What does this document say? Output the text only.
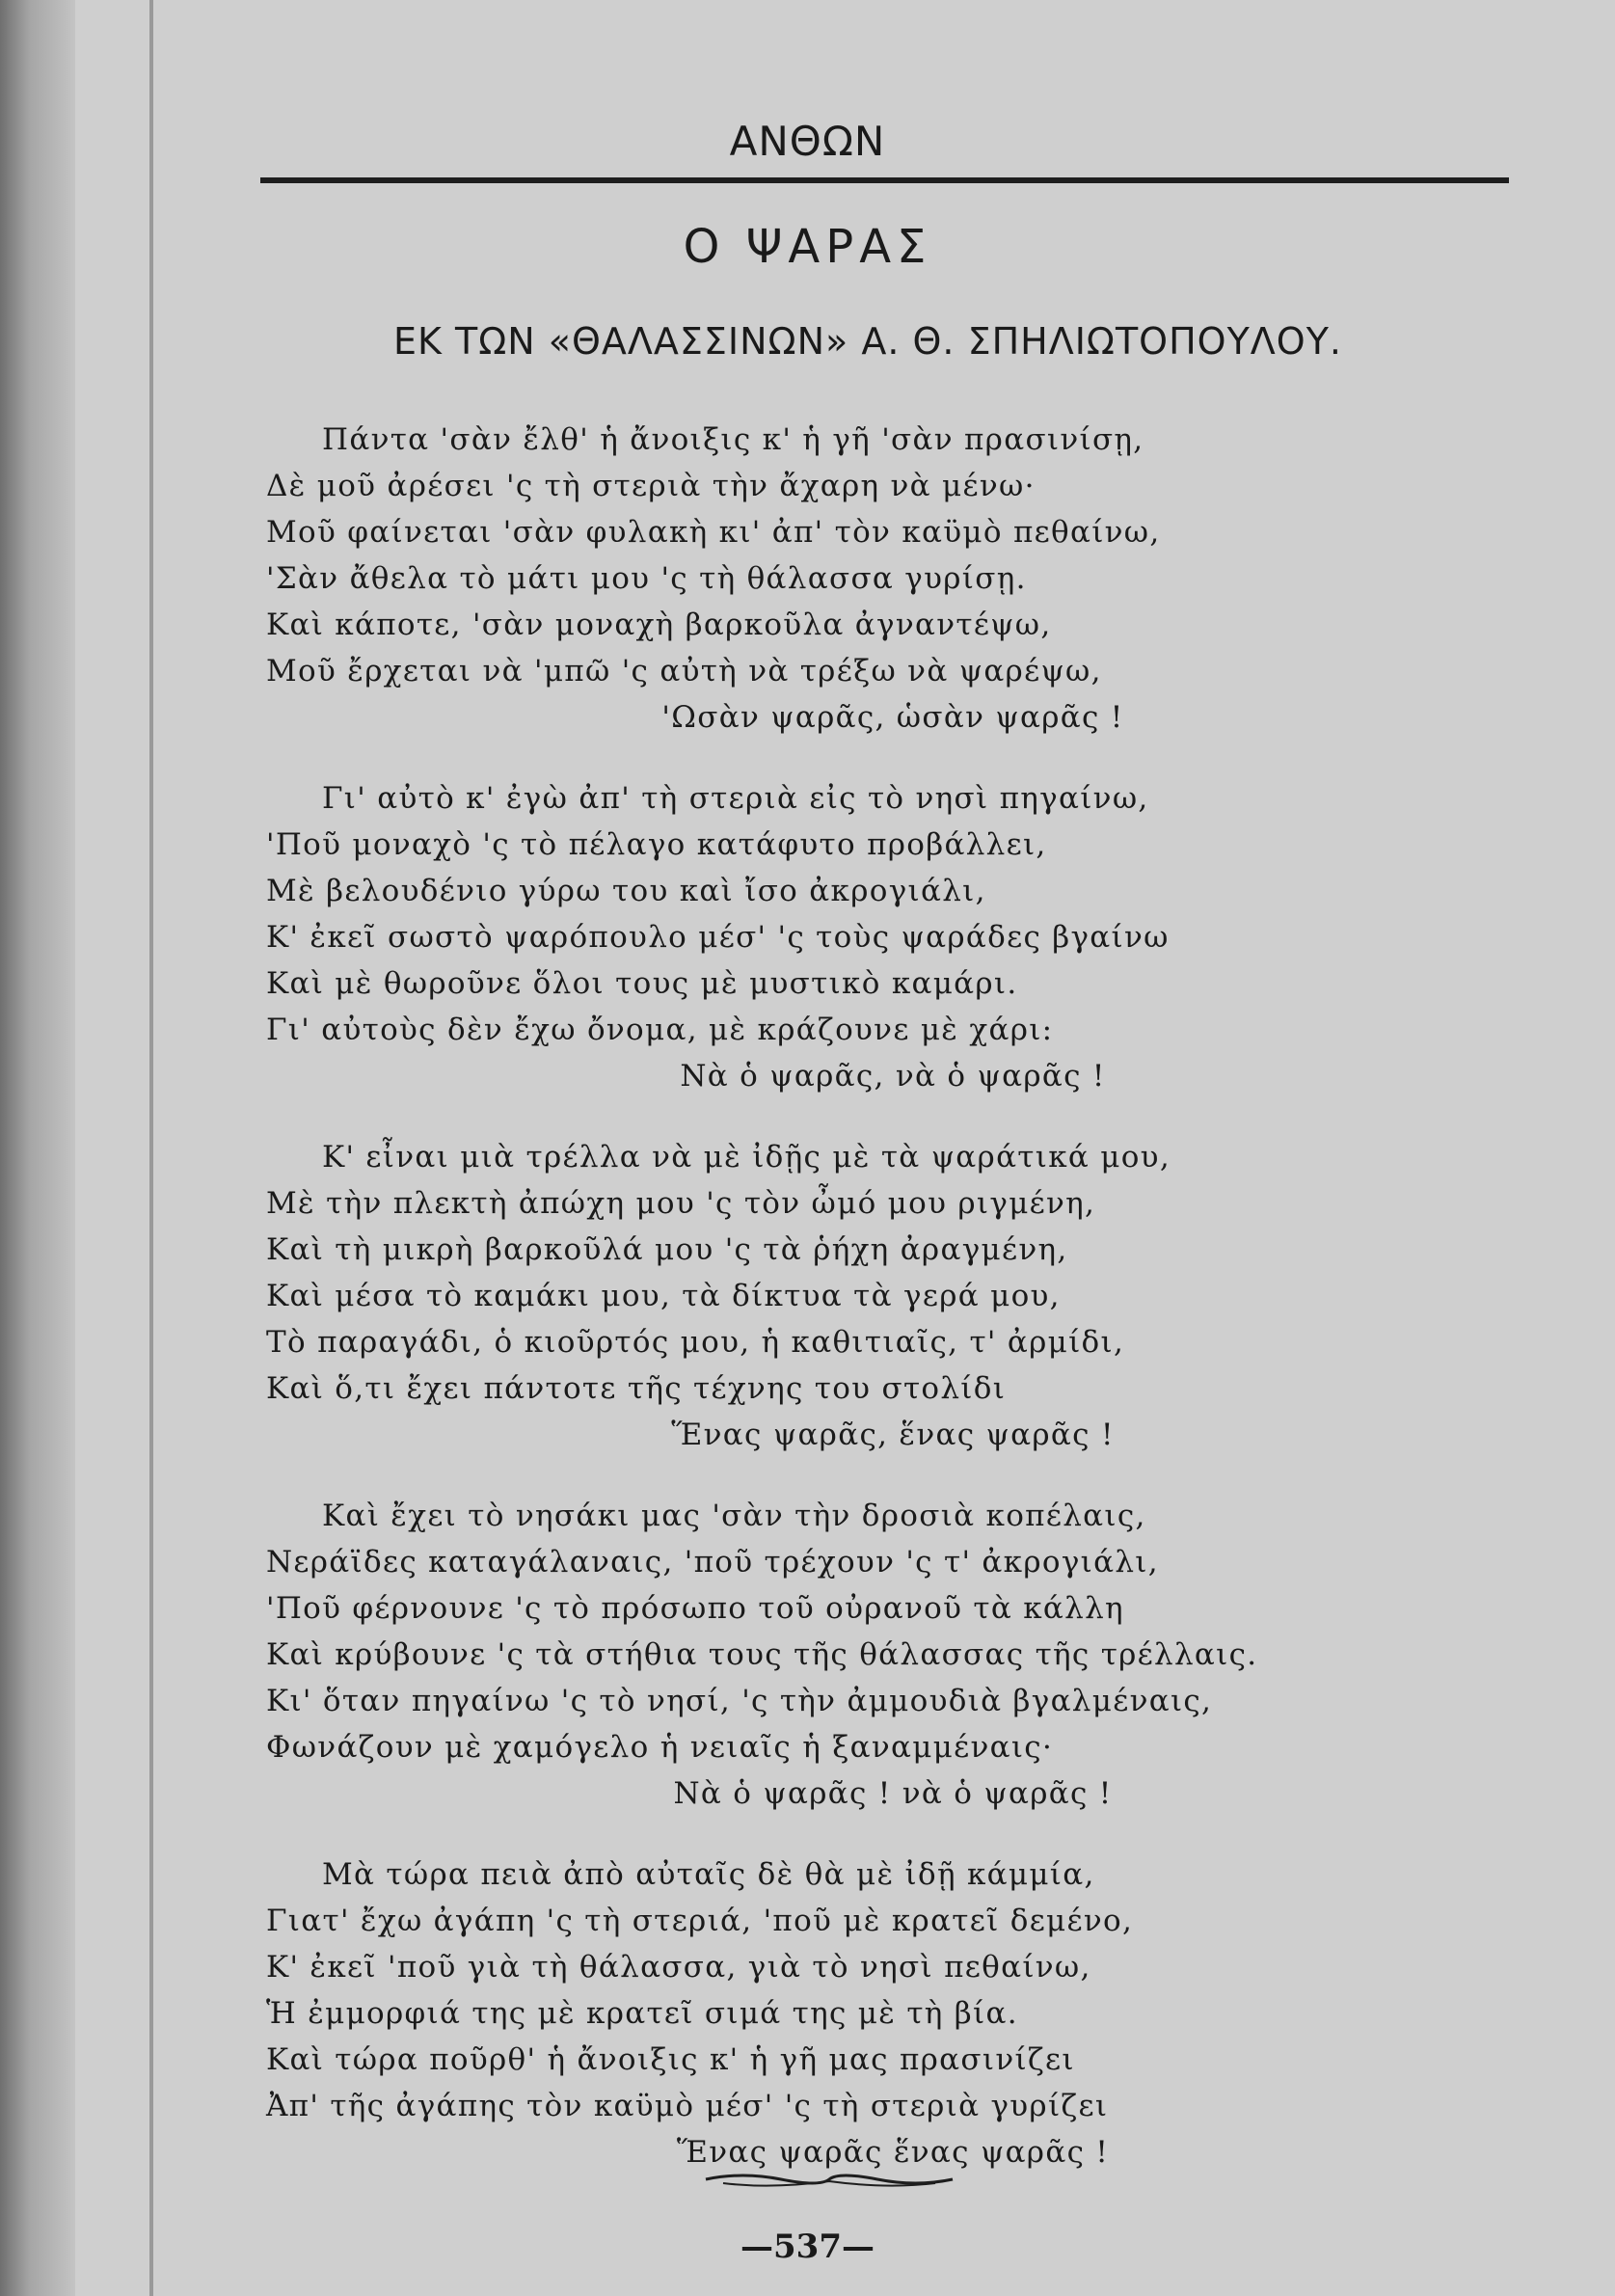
ΑΝΘΩΝ
Ο ΨΑΡΑΣ
ΕΚ ΤΩΝ «ΘΑΛΑΣΣΙΝΩΝ» Α. Θ. ΣΠΗΛΙΩΤΟΠΟΥΛΟΥ.
Πάντα 'σὰν ἔλθ' ἡ ἄνοιξις κ' ἡ γῆ 'σὰν πρασινίσῃ,
Δὲ μοῦ ἀρέσει 'ς τὴ στεριὰ τὴν ἄχαρη νὰ μένω·
Μοῦ φαίνεται 'σὰν φυλακὴ κι' ἀπ' τὸν καϋμὸ πεθαίνω,
'Σὰν ἄθελα τὸ μάτι μου 'ς τὴ θάλασσα γυρίσῃ.
Καὶ κάποτε, 'σὰν μοναχὴ βαρκοῦλα ἀγναντέψω,
Μοῦ ἔρχεται νὰ 'μπῶ 'ς αὐτὴ νὰ τρέξω νὰ ψαρέψω,
'Ωσὰν ψαρᾶς, ὡσὰν ψαρᾶς !
Γι' αὐτὸ κ' ἐγὼ ἀπ' τὴ στεριὰ εἰς τὸ νησὶ πηγαίνω,
'Ποῦ μοναχὸ 'ς τὸ πέλαγο κατάφυτο προβάλλει,
Μὲ βελουδένιο γύρω του καὶ ἴσο ἀκρογιάλι,
Κ' ἐκεῖ σωστὸ ψαρόπουλο μέσ' 'ς τοὺς ψαράδες βγαίνω
Καὶ μὲ θωροῦνε ὅλοι τους μὲ μυστικὸ καμάρι.
Γι' αὐτοὺς δὲν ἔχω ὄνομα, μὲ κράζουνε μὲ χάρι:
Νὰ ὁ ψαρᾶς, νὰ ὁ ψαρᾶς !
Κ' εἶναι μιὰ τρέλλα νὰ μὲ ἰδῇς μὲ τὰ ψαράτικά μου,
Μὲ τὴν πλεκτὴ ἀπώχη μου 'ς τὸν ὦμό μου ριγμένη,
Καὶ τὴ μικρὴ βαρκοῦλά μου 'ς τὰ ῥήχη ἀραγμένη,
Καὶ μέσα τὸ καμάκι μου, τὰ δίκτυα τὰ γερά μου,
Τὸ παραγάδι, ὁ κιοῦρτός μου, ἡ καθιτιαῖς, τ' ἀρμίδι,
Καὶ ὅ,τι ἔχει πάντοτε τῆς τέχνης του στολίδι
Ἕνας ψαρᾶς, ἕνας ψαρᾶς !
Καὶ ἔχει τὸ νησάκι μας 'σὰν τὴν δροσιὰ κοπέλαις,
Νεράϊδες καταγάλαναις, 'ποῦ τρέχουν 'ς τ' ἀκρογιάλι,
'Ποῦ φέρνουνε 'ς τὸ πρόσωπο τοῦ οὐρανοῦ τὰ κάλλη
Καὶ κρύβουνε 'ς τὰ στήθια τους τῆς θάλασσας τῆς τρέλλαις.
Κι' ὅταν πηγαίνω 'ς τὸ νησί, 'ς τὴν ἀμμουδιὰ βγαλμέναις,
Φωνάζουν μὲ χαμόγελο ἡ νειαῖς ἡ ξαναμμέναις·
Νὰ ὁ ψαρᾶς ! νὰ ὁ ψαρᾶς !
Μὰ τώρα πειὰ ἀπὸ αὐταῖς δὲ θὰ μὲ ἰδῇ κάμμία,
Γιατ' ἔχω ἀγάπη 'ς τὴ στεριά, 'ποῦ μὲ κρατεῖ δεμένο,
Κ' ἐκεῖ 'ποῦ γιὰ τὴ θάλασσα, γιὰ τὸ νησὶ πεθαίνω,
Ἡ ἐμμορφιά της μὲ κρατεῖ σιμά της μὲ τὴ βία.
Καὶ τώρα ποῦρθ' ἡ ἄνοιξις κ' ἡ γῆ μας πρασινίζει
Ἀπ' τῆς ἀγάπης τὸν καϋμὸ μέσ' 'ς τὴ στεριὰ γυρίζει
Ἕνας ψαρᾶς ἕνας ψαρᾶς !
—537—
